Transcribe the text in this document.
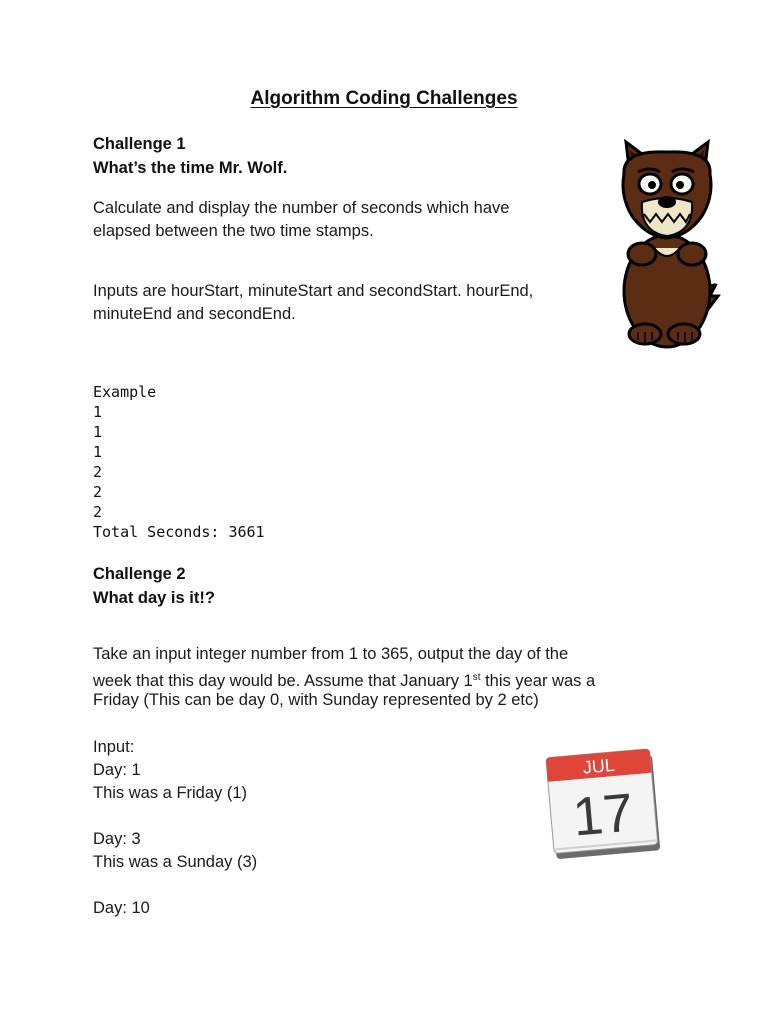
Algorithm Coding Challenges
Challenge 1
What’s the time Mr. Wolf.

Calculate and display the number of seconds which have elapsed between the two time stamps.

Inputs are hourStart, minuteStart and secondStart. hourEnd,
minuteEnd and secondEnd.
Example
1
1
1
2
2
2
Total Seconds: 3661
Challenge 2
What day is it!?
Take an input integer number from 1 to 365, output the day of the
week that this day would be. Assume that January 1st this year was a
Friday (This can be day 0, with Sunday represented by 2 etc)
Input:
Day: 1
This was a Friday (1)
Day: 3
This was a Sunday (3)
Day: 10
JUL
17
